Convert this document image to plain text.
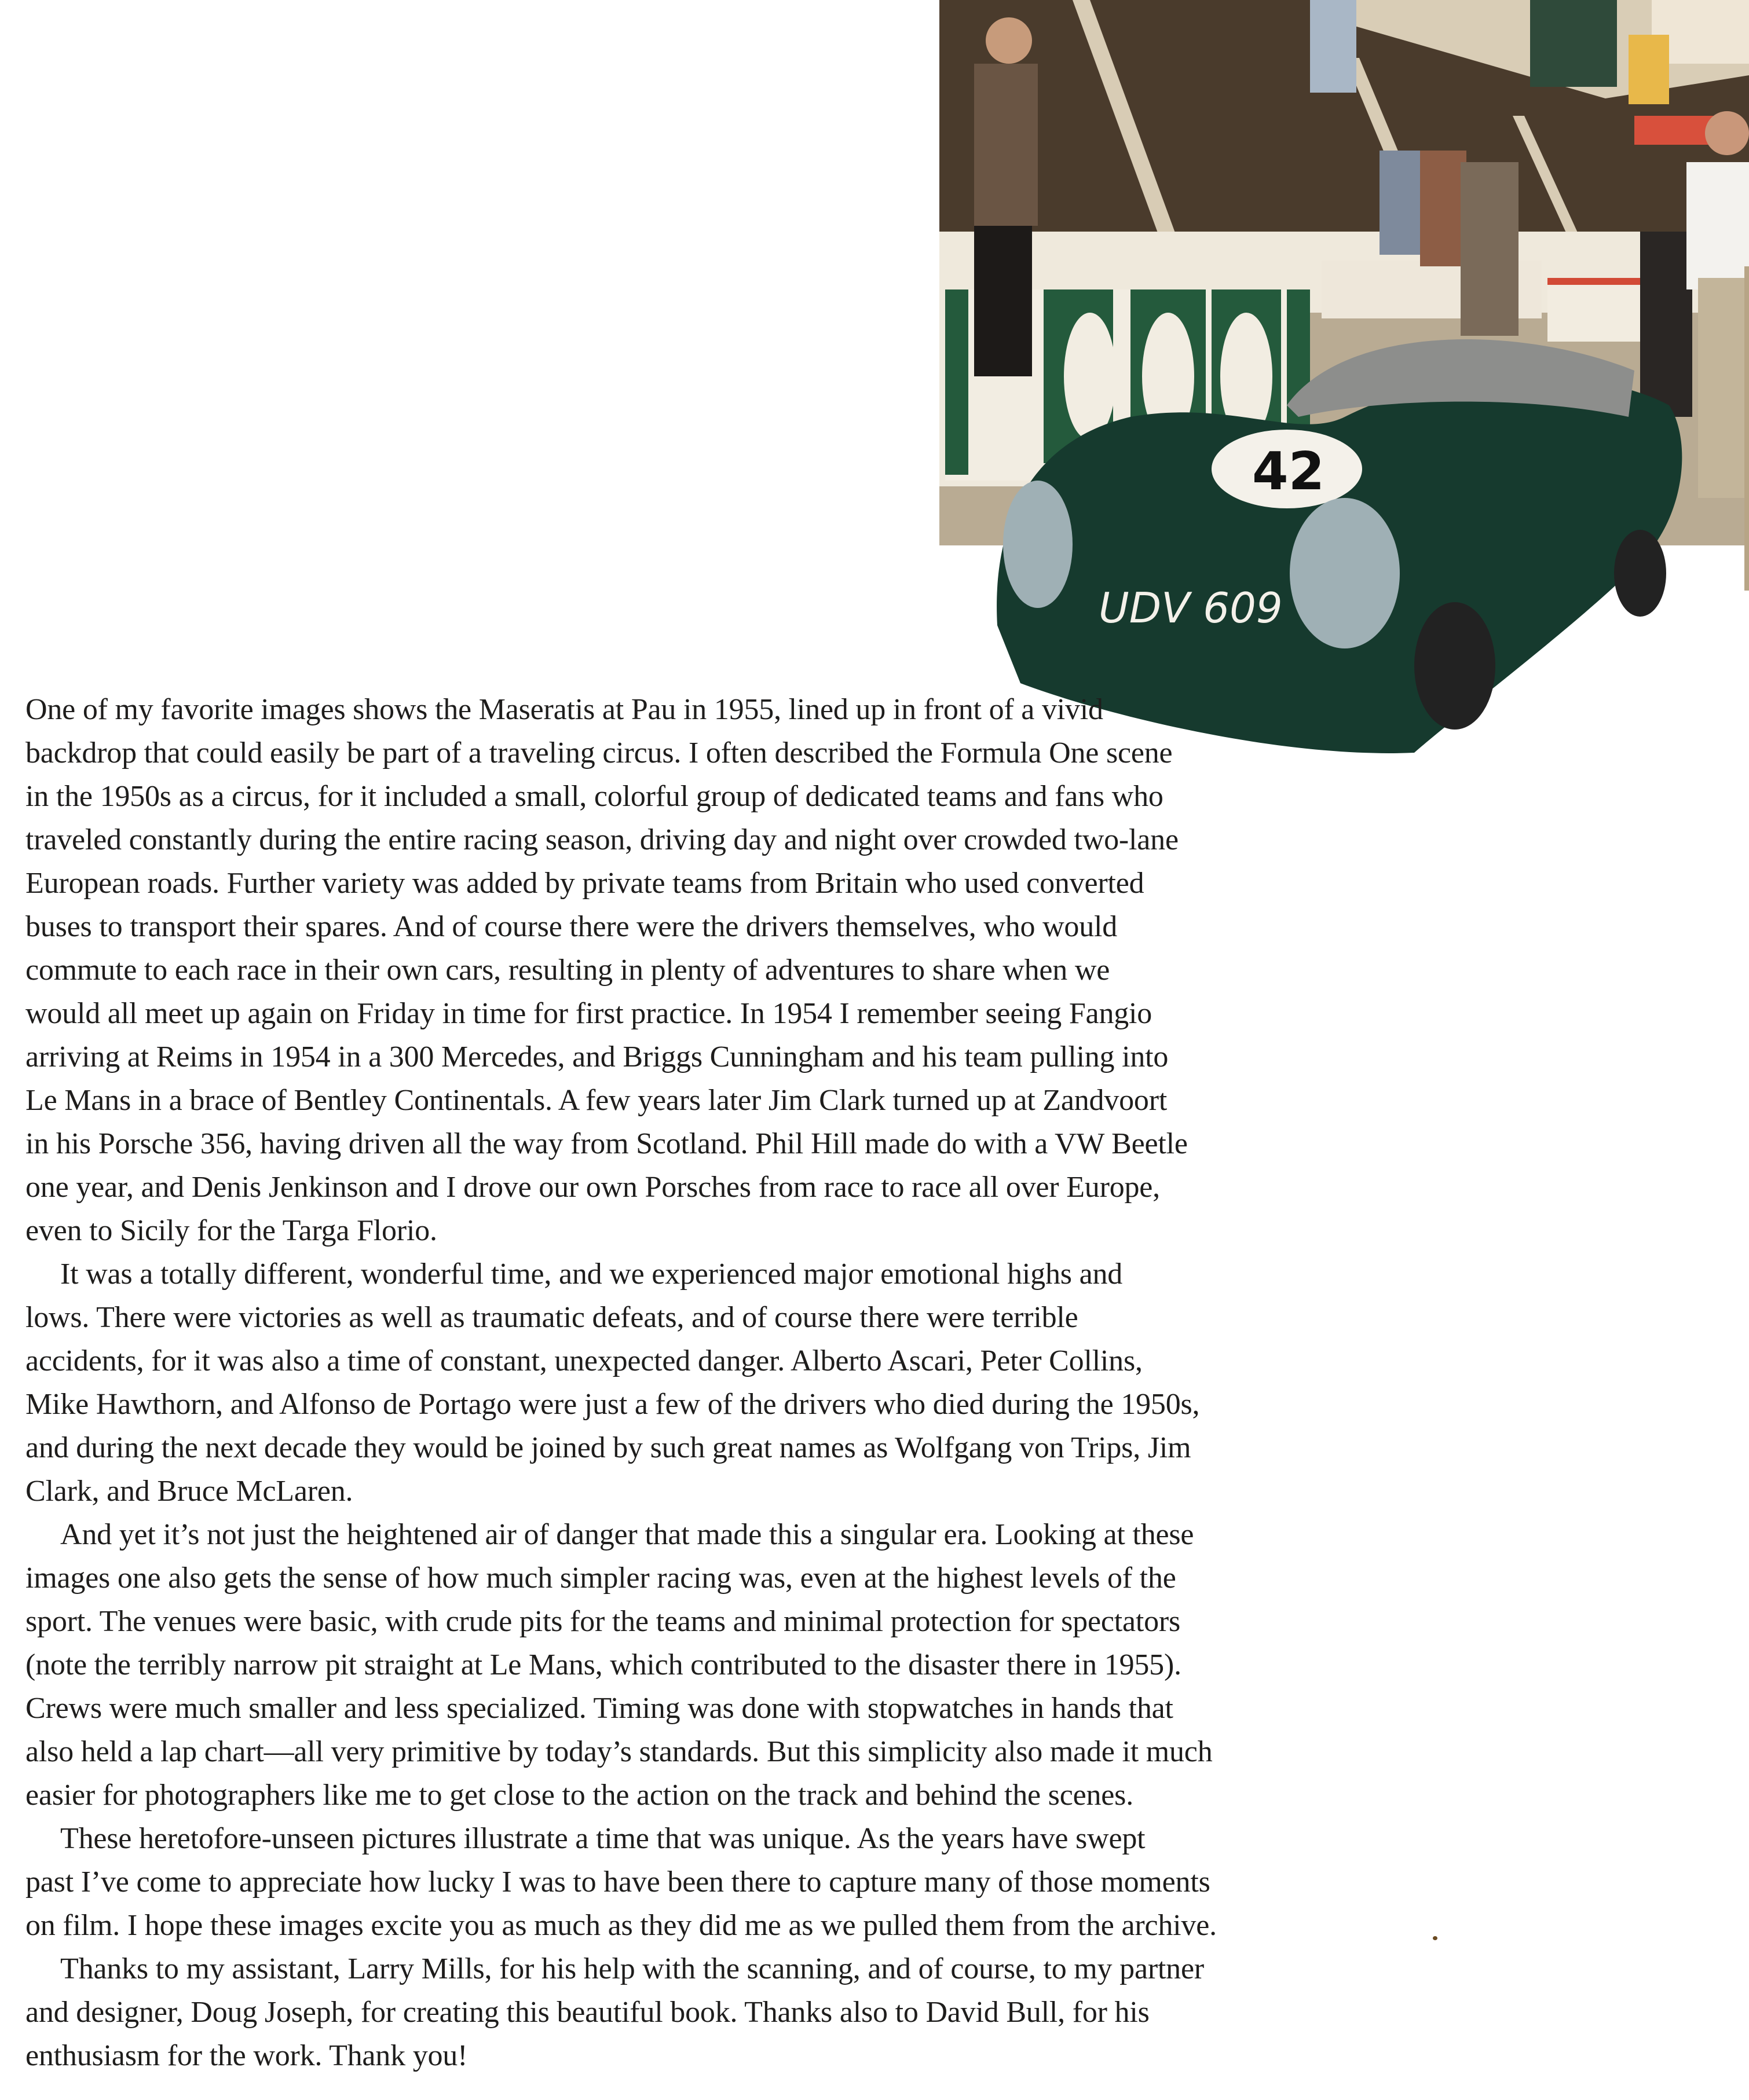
42
UDV 609
One of my favorite images shows the Maseratis at Pau in 1955, lined up in front of a vivid
backdrop that could easily be part of a traveling circus. I often described the Formula One scene
in the 1950s as a circus, for it included a small, colorful group of dedicated teams and fans who
traveled constantly during the entire racing season, driving day and night over crowded two-lane
European roads. Further variety was added by private teams from Britain who used converted
buses to transport their spares. And of course there were the drivers themselves, who would
commute to each race in their own cars, resulting in plenty of adventures to share when we
would all meet up again on Friday in time for first practice. In 1954 I remember seeing Fangio
arriving at Reims in 1954 in a 300 Mercedes, and Briggs Cunningham and his team pulling into
Le Mans in a brace of Bentley Continentals. A few years later Jim Clark turned up at Zandvoort
in his Porsche 356, having driven all the way from Scotland. Phil Hill made do with a VW Beetle
one year, and Denis Jenkinson and I drove our own Porsches from race to race all over Europe,
even to Sicily for the Targa Florio.
It was a totally different, wonderful time, and we experienced major emotional highs and
lows. There were victories as well as traumatic defeats, and of course there were terrible
accidents, for it was also a time of constant, unexpected danger. Alberto Ascari, Peter Collins,
Mike Hawthorn, and Alfonso de Portago were just a few of the drivers who died during the 1950s,
and during the next decade they would be joined by such great names as Wolfgang von Trips, Jim
Clark, and Bruce McLaren.
And yet it’s not just the heightened air of danger that made this a singular era. Looking at these
images one also gets the sense of how much simpler racing was, even at the highest levels of the
sport. The venues were basic, with crude pits for the teams and minimal protection for spectators
(note the terribly narrow pit straight at Le Mans, which contributed to the disaster there in 1955).
Crews were much smaller and less specialized. Timing was done with stopwatches in hands that
also held a lap chart—all very primitive by today’s standards. But this simplicity also made it much
easier for photographers like me to get close to the action on the track and behind the scenes.
These heretofore-unseen pictures illustrate a time that was unique. As the years have swept
past I’ve come to appreciate how lucky I was to have been there to capture many of those moments
on film. I hope these images excite you as much as they did me as we pulled them from the archive.
Thanks to my assistant, Larry Mills, for his help with the scanning, and of course, to my partner
and designer, Doug Joseph, for creating this beautiful book. Thanks also to David Bull, for his
enthusiasm for the work. Thank you!
